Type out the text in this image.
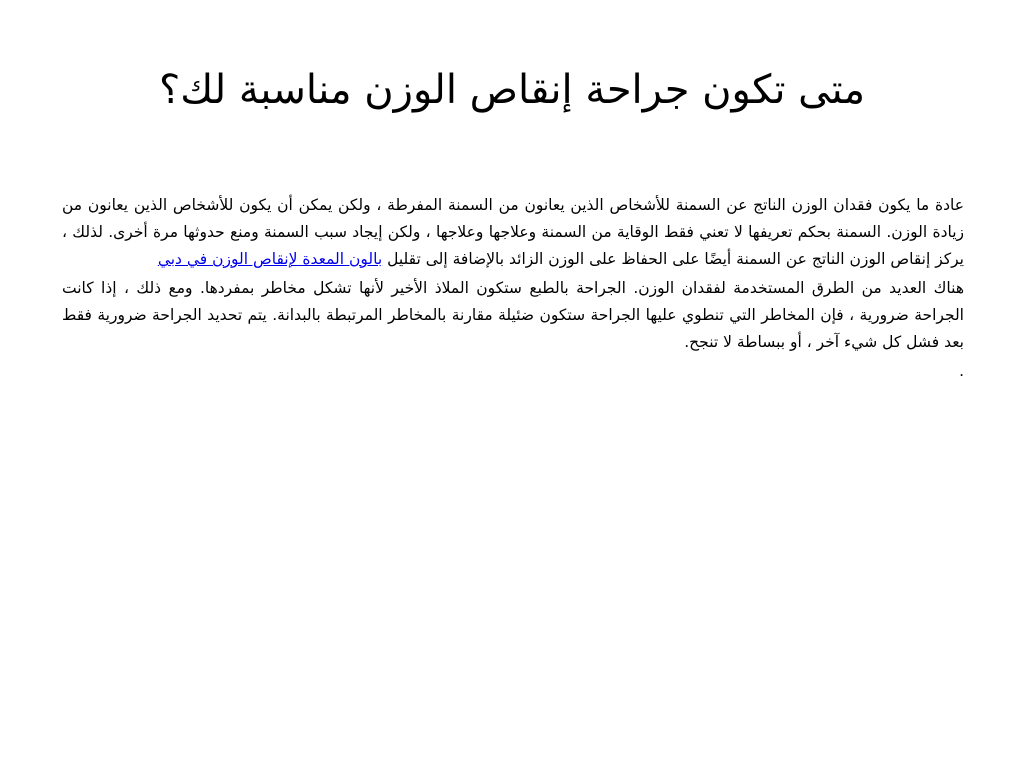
متى تكون جراحة إنقاص الوزن مناسبة لك؟

عادة ما يكون فقدان الوزن الناتج عن السمنة للأشخاص الذين يعانون من السمنة المفرطة ، ولكن يمكن أن يكون للأشخاص الذين يعانون من زيادة الوزن. السمنة بحكم تعريفها لا تعني فقط الوقاية من السمنة وعلاجها وعلاجها ، ولكن إيجاد سبب السمنة ومنع حدوثها مرة أخرى. لذلك ، يركز إنقاص الوزن الناتج عن السمنة أيضًا على الحفاظ على الوزن الزائد بالإضافة إلى تقليل بالون المعدة لإنقاص الوزن في دبي

هناك العديد من الطرق المستخدمة لفقدان الوزن. الجراحة بالطبع ستكون الملاذ الأخير لأنها تشكل مخاطر بمفردها. ومع ذلك ، إذا كانت الجراحة ضرورية ، فإن المخاطر التي تنطوي عليها الجراحة ستكون ضئيلة مقارنة بالمخاطر المرتبطة بالبدانة. يتم تحديد الجراحة ضرورية فقط بعد فشل كل شيء آخر ، أو ببساطة لا تنجح.

.
